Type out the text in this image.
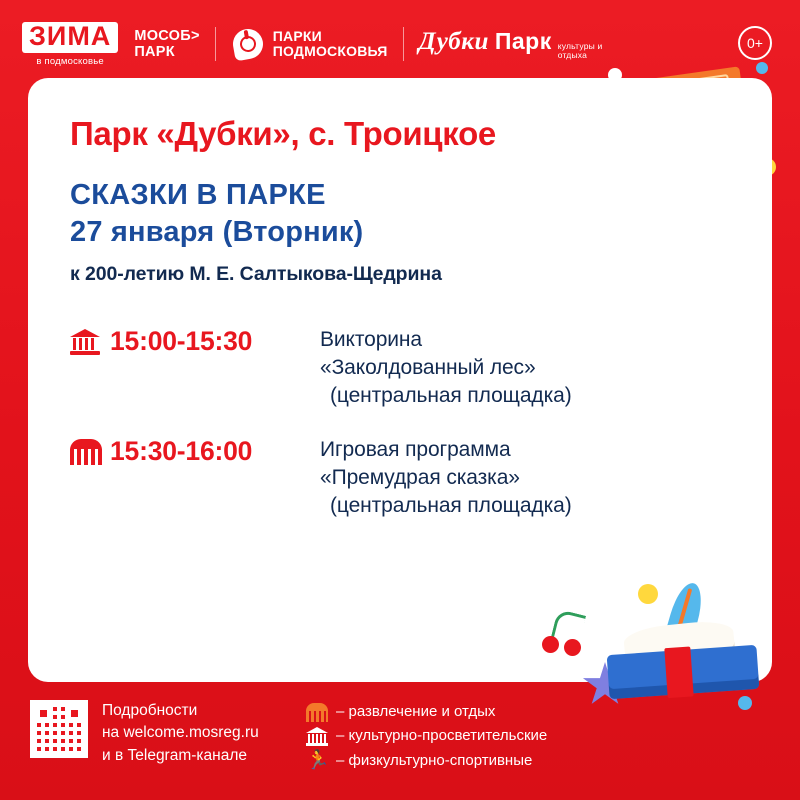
ЗИМА
в подмосковье
МОСОБ>
ПАРК
ПАРКИ
ПОДМОСКОВЬЯ Дубки Парк культуры и отдыха
0+
Парк «Дубки», с. Троицкое
СКАЗКИ В ПАРКЕ
27 января (Вторник)
к 200-летию М. Е. Салтыкова-Щедрина
15:00-15:30	Викторина
«Заколдованный лес»
(центральная площадка)
15:30-16:00	Игровая программа
«Премудрая сказка»
(центральная площадка)
Подробности
на welcome.mosreg.ru
и в Telegram-канале
– развлечение и отдых
– культурно-просветительские
🏃 – физкультурно-спортивные
